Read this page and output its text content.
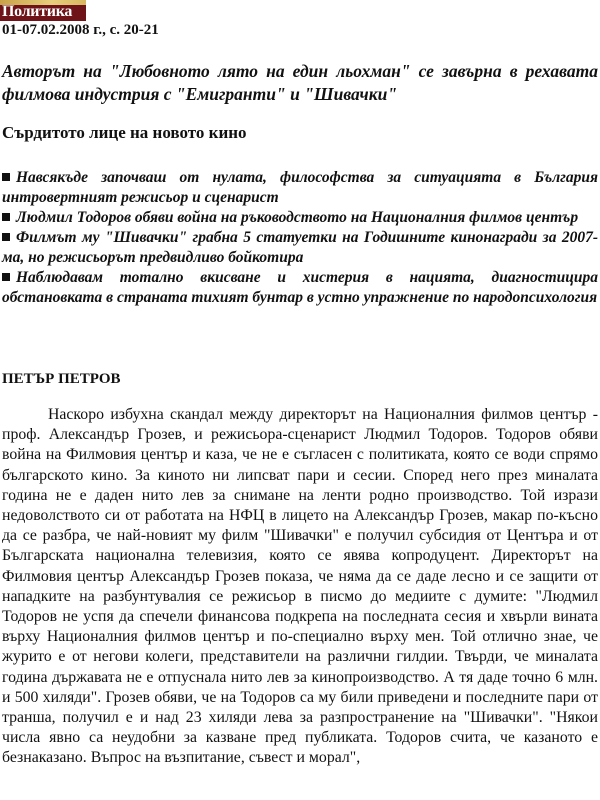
Политика
01-07.02.2008 г., с. 20-21
Авторът на "Любовното лято на един льохман" се завърна в рехавата филмова индустрия с "Емигранти" и "Шивачки"
Сърдитото лице на новото кино

Навсякъде започваш от нулата, философства за ситуацията в България интровертният режисьор и сценарист

Людмил Тодоров обяви война на ръководството на Националния филмов център

Филмът му "Шивачки" грабна 5 статуетки на Годишните кинонагради за 2007-ма, но режисьорът предвидливо бойкотира

Наблюдавам тотално вкисване и хистерия в нацията, диагностицира обстановката в страната тихият бунтар в устно упражнение по народопсихология

ПЕТЪР ПЕТРОВ

Наскоро избухна скандал между директорът на Националния филмов център - проф. Александър Грозев, и режисьора-сценарист Людмил Тодоров. Тодоров обяви война на Филмовия център и каза, че не е съгласен с политиката, която се води спрямо българското кино. За киното ни липсват пари и сесии. Според него през миналата година не е даден нито лев за снимане на ленти родно производство. Той изрази недоволството си от работата на НФЦ в лицето на Александър Грозев, макар по-късно да се разбра, че най-новият му филм "Шивачки" е получил субсидия от Центъра и от Българската национална телевизия, която се явява копродуцент. Директорът на Филмовия център Александър Грозев показа, че няма да се даде лесно и се защити от нападките на разбунтувалия се режисьор в писмо до медиите с думите: "Людмил Тодоров не успя да спечели финансова подкрепа на последната сесия и хвърли вината върху Националния филмов център и по-специално върху мен. Той отлично знае, че журито е от негови колеги, представители на различни гилдии. Твърди, че миналата година държавата не е отпуснала нито лев за кинопроизводство. А тя даде точно 6 млн. и 500 хиляди". Грозев обяви, че на Тодоров са му били приведени и последните пари от транша, получил е и над 23 хиляди лева за разпространение на "Шивачки". "Някои числа явно са неудобни за казване пред публиката. Тодоров счита, че казаното е безнаказано. Въпрос на възпитание, съвест и морал",
